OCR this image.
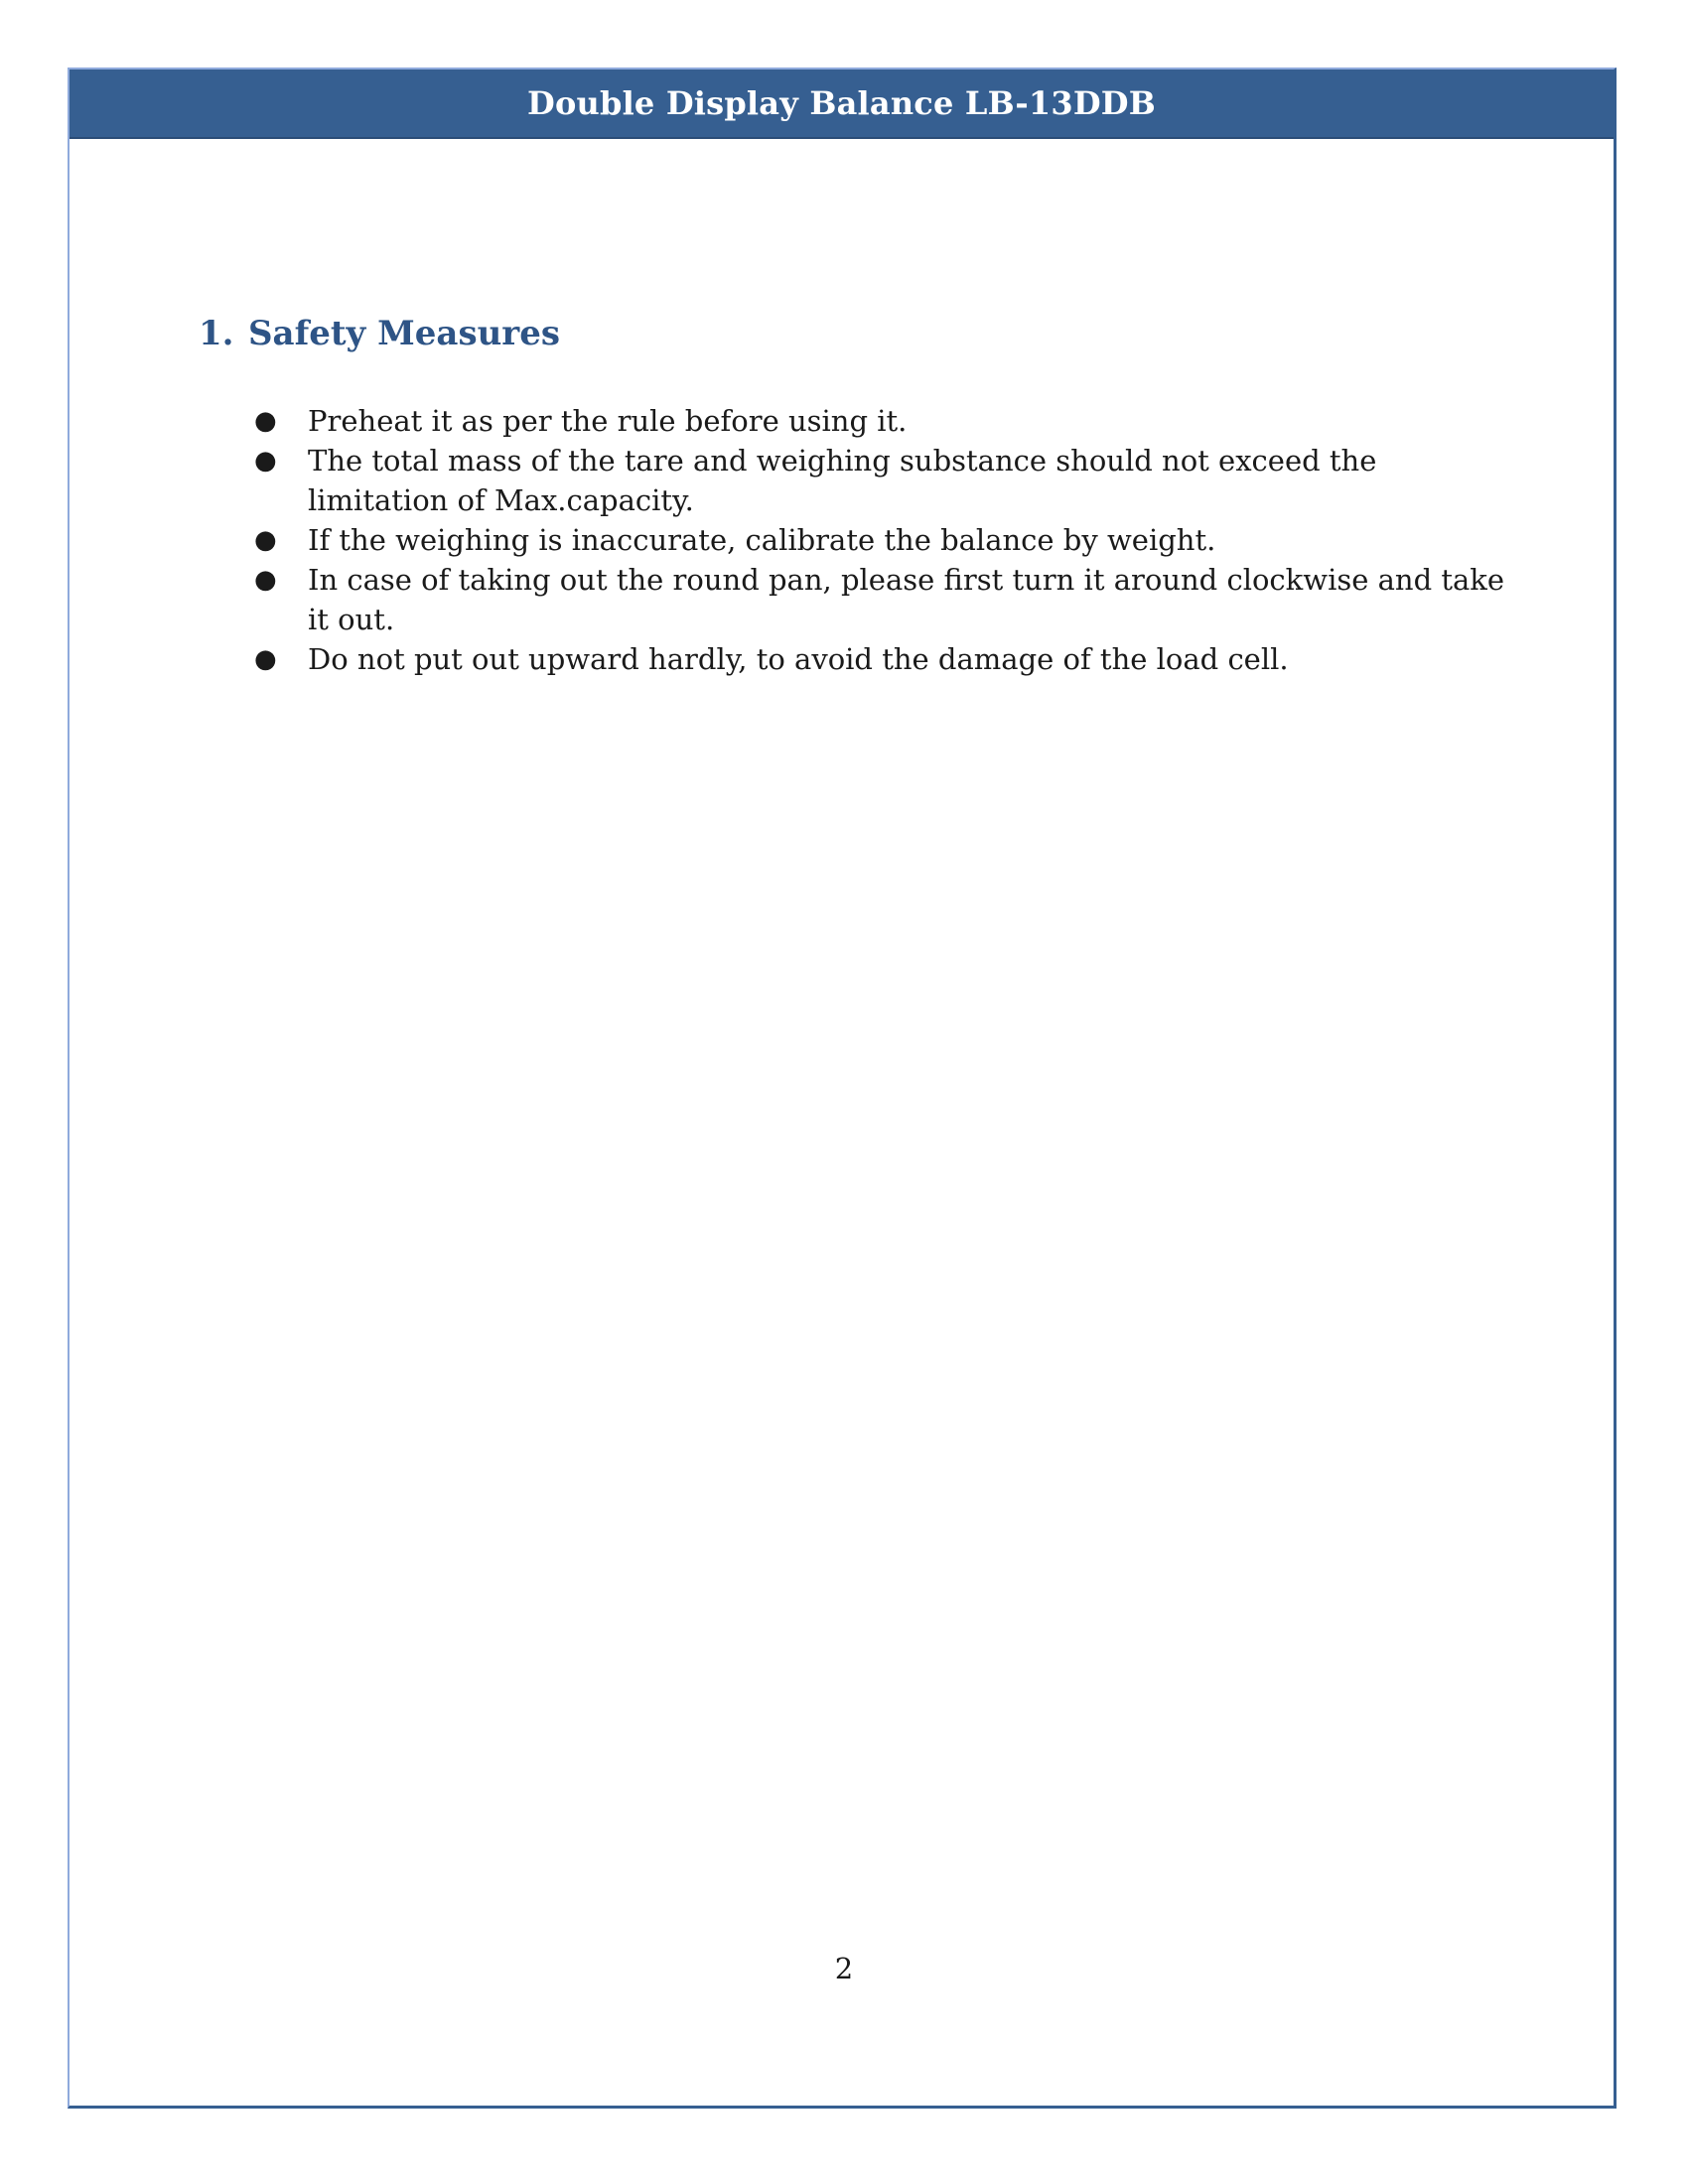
Double Display Balance LB-13DDB
1. Safety Measures
●	Preheat it as per the rule before using it.
●	The total mass of the tare and weighing substance should not exceed the limitation of Max.capacity.
●	If the weighing is inaccurate, calibrate the balance by weight.
●	In case of taking out the round pan, please first turn it around clockwise and take it out.
●	Do not put out upward hardly, to avoid the damage of the load cell.
2
